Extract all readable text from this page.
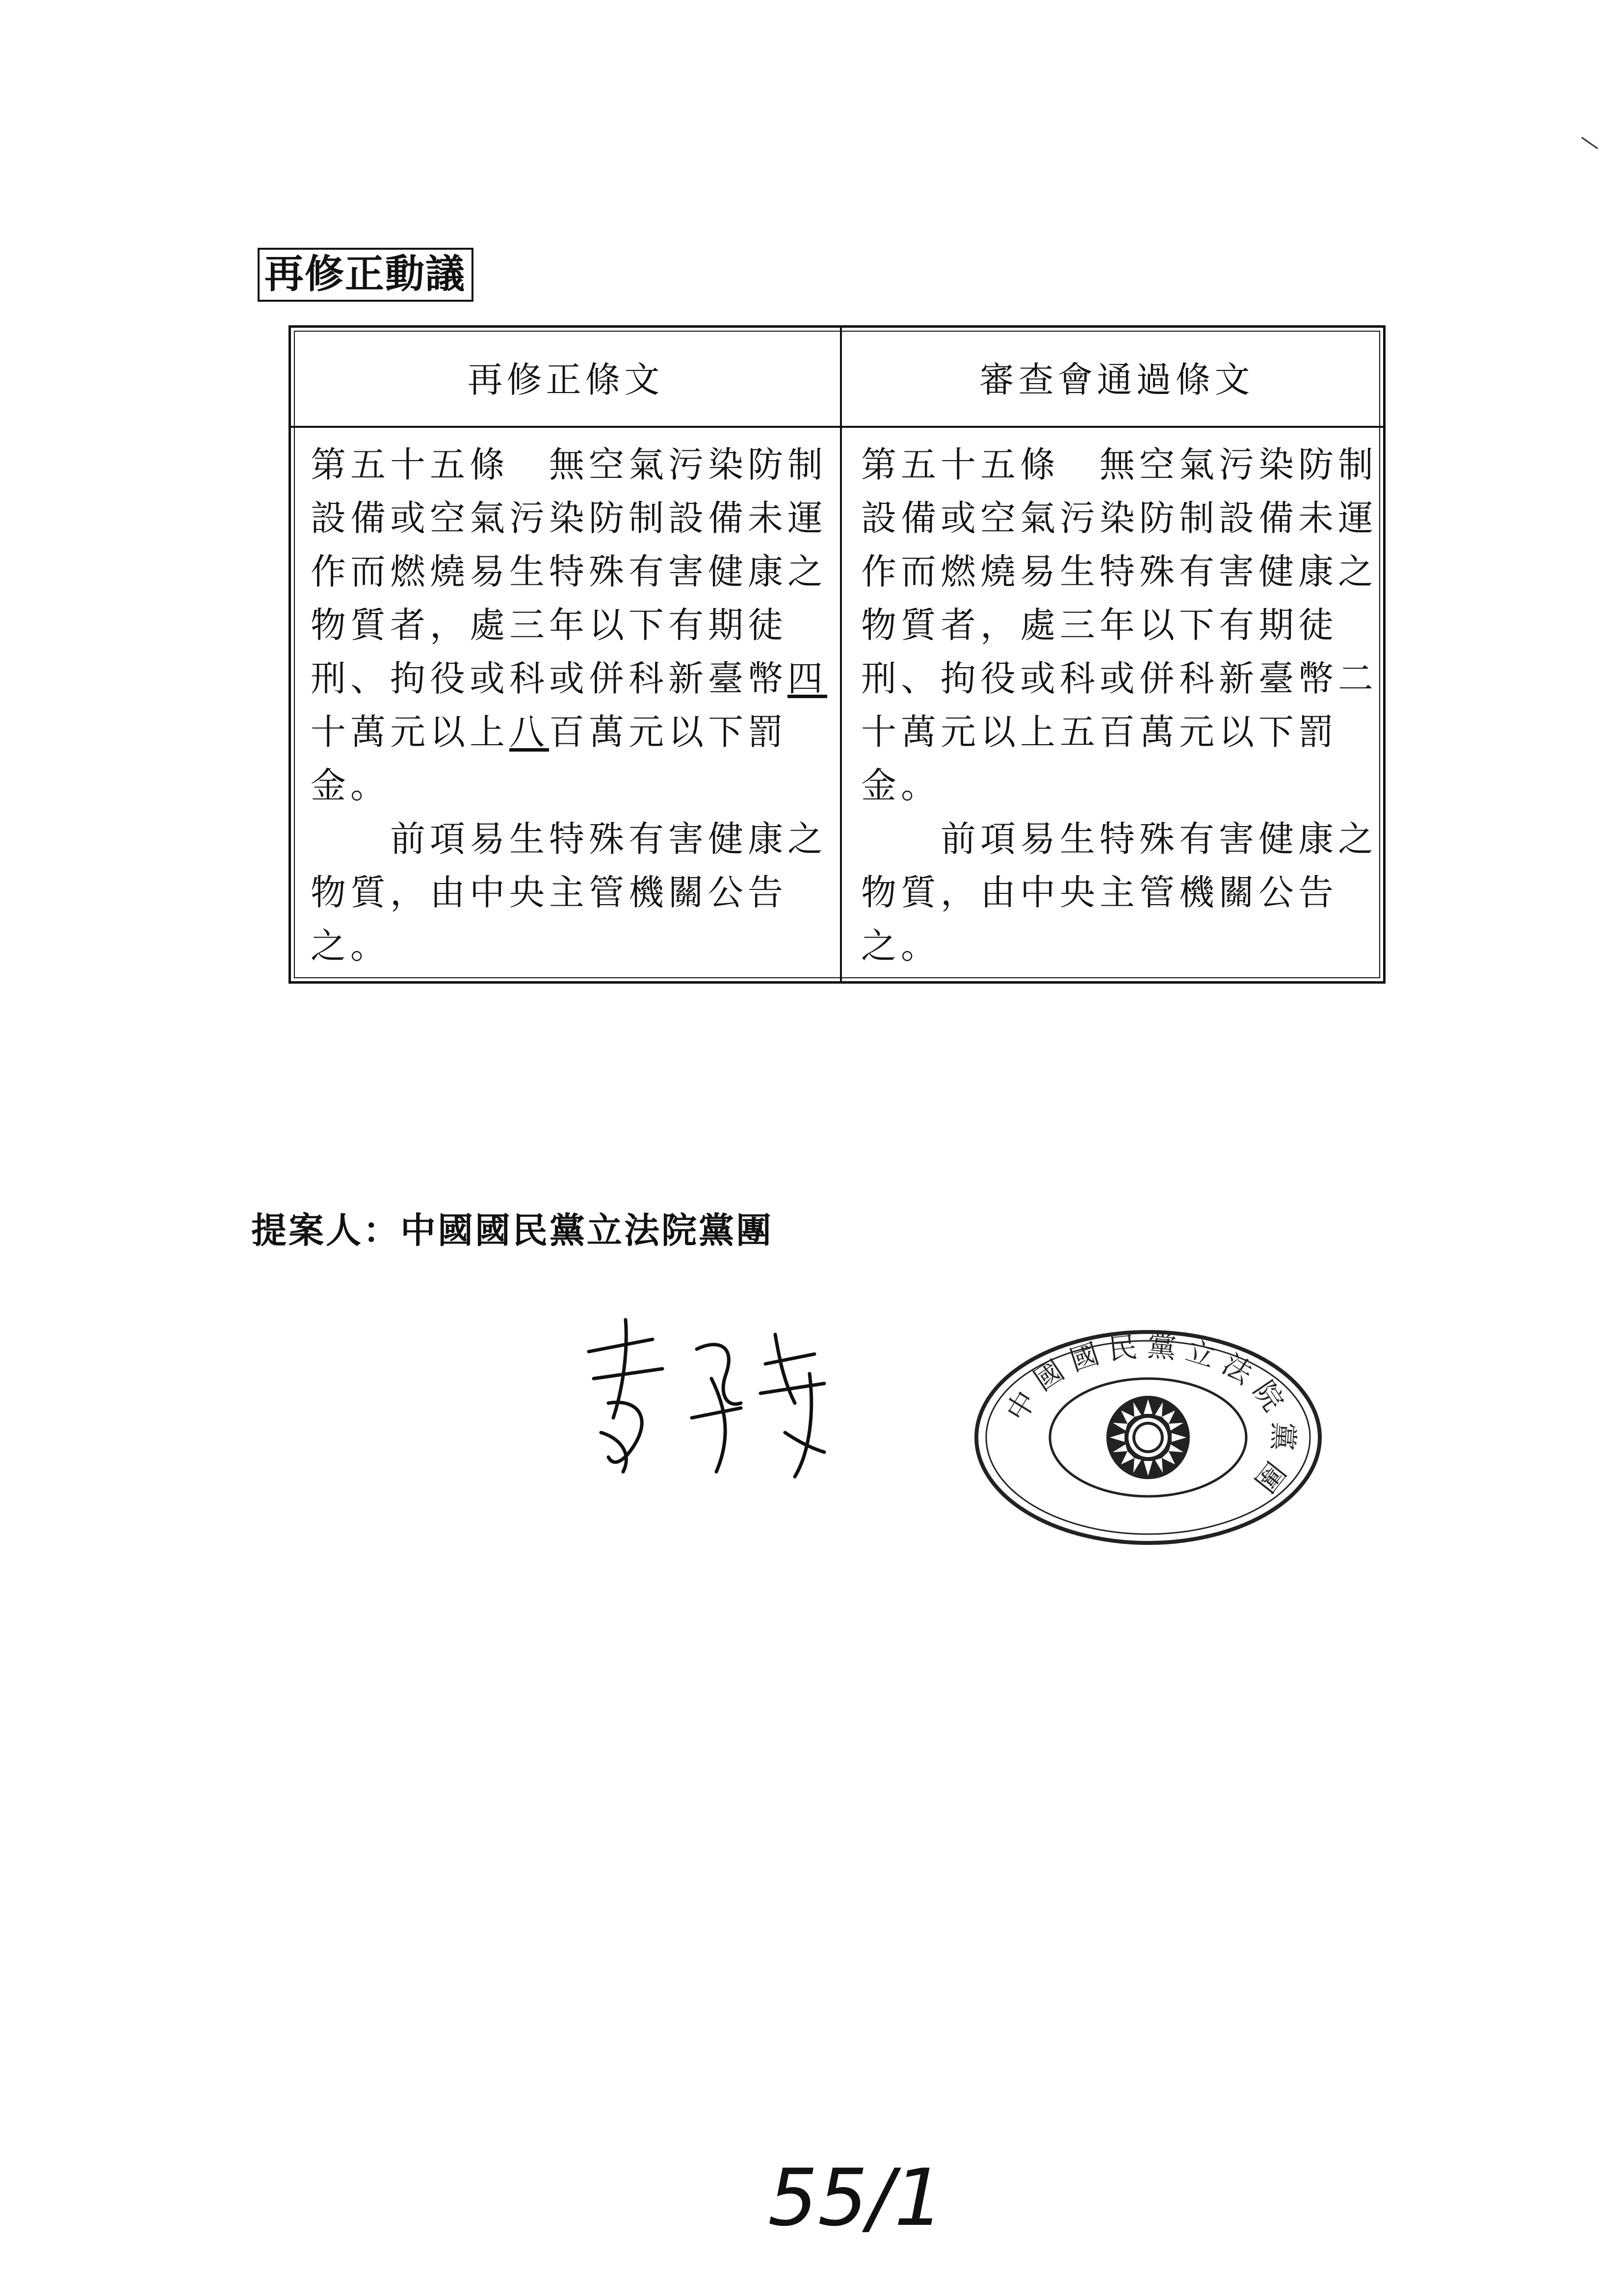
再修正動議
再修正條文	審查會通過條文

第五十五條　無空氣污染防制
設備或空氣污染防制設備未運
作而燃燒易生特殊有害健康之
物質者，處三年以下有期徒
刑、拘役或科或併科新臺幣四
十萬元以上八百萬元以下罰
金。

　　前項易生特殊有害健康之
物質，由中央主管機關公告
之。

第五十五條　無空氣污染防制
設備或空氣污染防制設備未運
作而燃燒易生特殊有害健康之
物質者，處三年以下有期徒
刑、拘役或科或併科新臺幣二
十萬元以上五百萬元以下罰
金。

　　前項易生特殊有害健康之
物質，由中央主管機關公告
之。

提案人：中國國民黨立法院黨團
中國國民黨立法院黨團
55/1
